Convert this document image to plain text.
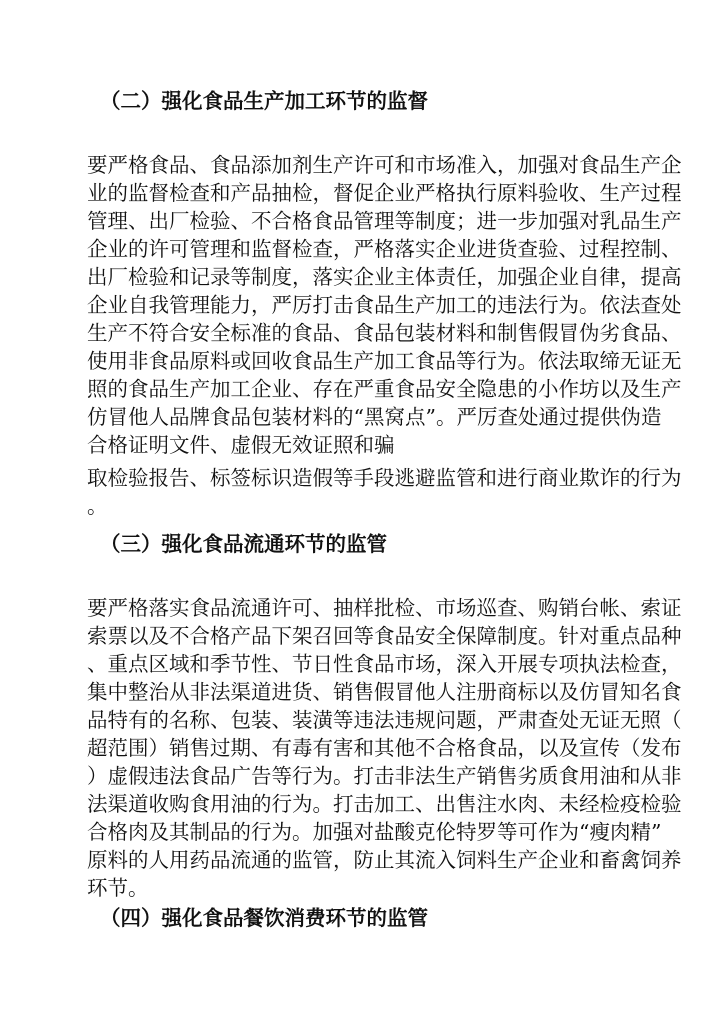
（二）强化食品生产加工环节的监督
要严格食品、食品添加剂生产许可和市场准入，加强对食品生产企
业的监督检查和产品抽检，督促企业严格执行原料验收、生产过程
管理、出厂检验、不合格食品管理等制度；进一步加强对乳品生产
企业的许可管理和监督检查，严格落实企业进货查验、过程控制、
出厂检验和记录等制度，落实企业主体责任，加强企业自律，提高
企业自我管理能力，严厉打击食品生产加工的违法行为。依法查处
生产不符合安全标准的食品、食品包装材料和制售假冒伪劣食品、
使用非食品原料或回收食品生产加工食品等行为。依法取缔无证无
照的食品生产加工企业、存在严重食品安全隐患的小作坊以及生产
仿冒他人品牌食品包装材料的“黑窝点”。严厉查处通过提供伪造
合格证明文件、虚假无效证照和骗
取检验报告、标签标识造假等手段逃避监管和进行商业欺诈的行为
。
（三）强化食品流通环节的监管
要严格落实食品流通许可、抽样批检、市场巡查、购销台帐、索证
索票以及不合格产品下架召回等食品安全保障制度。针对重点品种
、重点区域和季节性、节日性食品市场，深入开展专项执法检查，
集中整治从非法渠道进货、销售假冒他人注册商标以及仿冒知名食
品特有的名称、包装、装潢等违法违规问题，严肃查处无证无照（
超范围）销售过期、有毒有害和其他不合格食品，以及宣传（发布
）虚假违法食品广告等行为。打击非法生产销售劣质食用油和从非
法渠道收购食用油的行为。打击加工、出售注水肉、未经检疫检验
合格肉及其制品的行为。加强对盐酸克伦特罗等可作为“瘦肉精”
原料的人用药品流通的监管，防止其流入饲料生产企业和畜禽饲养
环节。
（四）强化食品餐饮消费环节的监管
